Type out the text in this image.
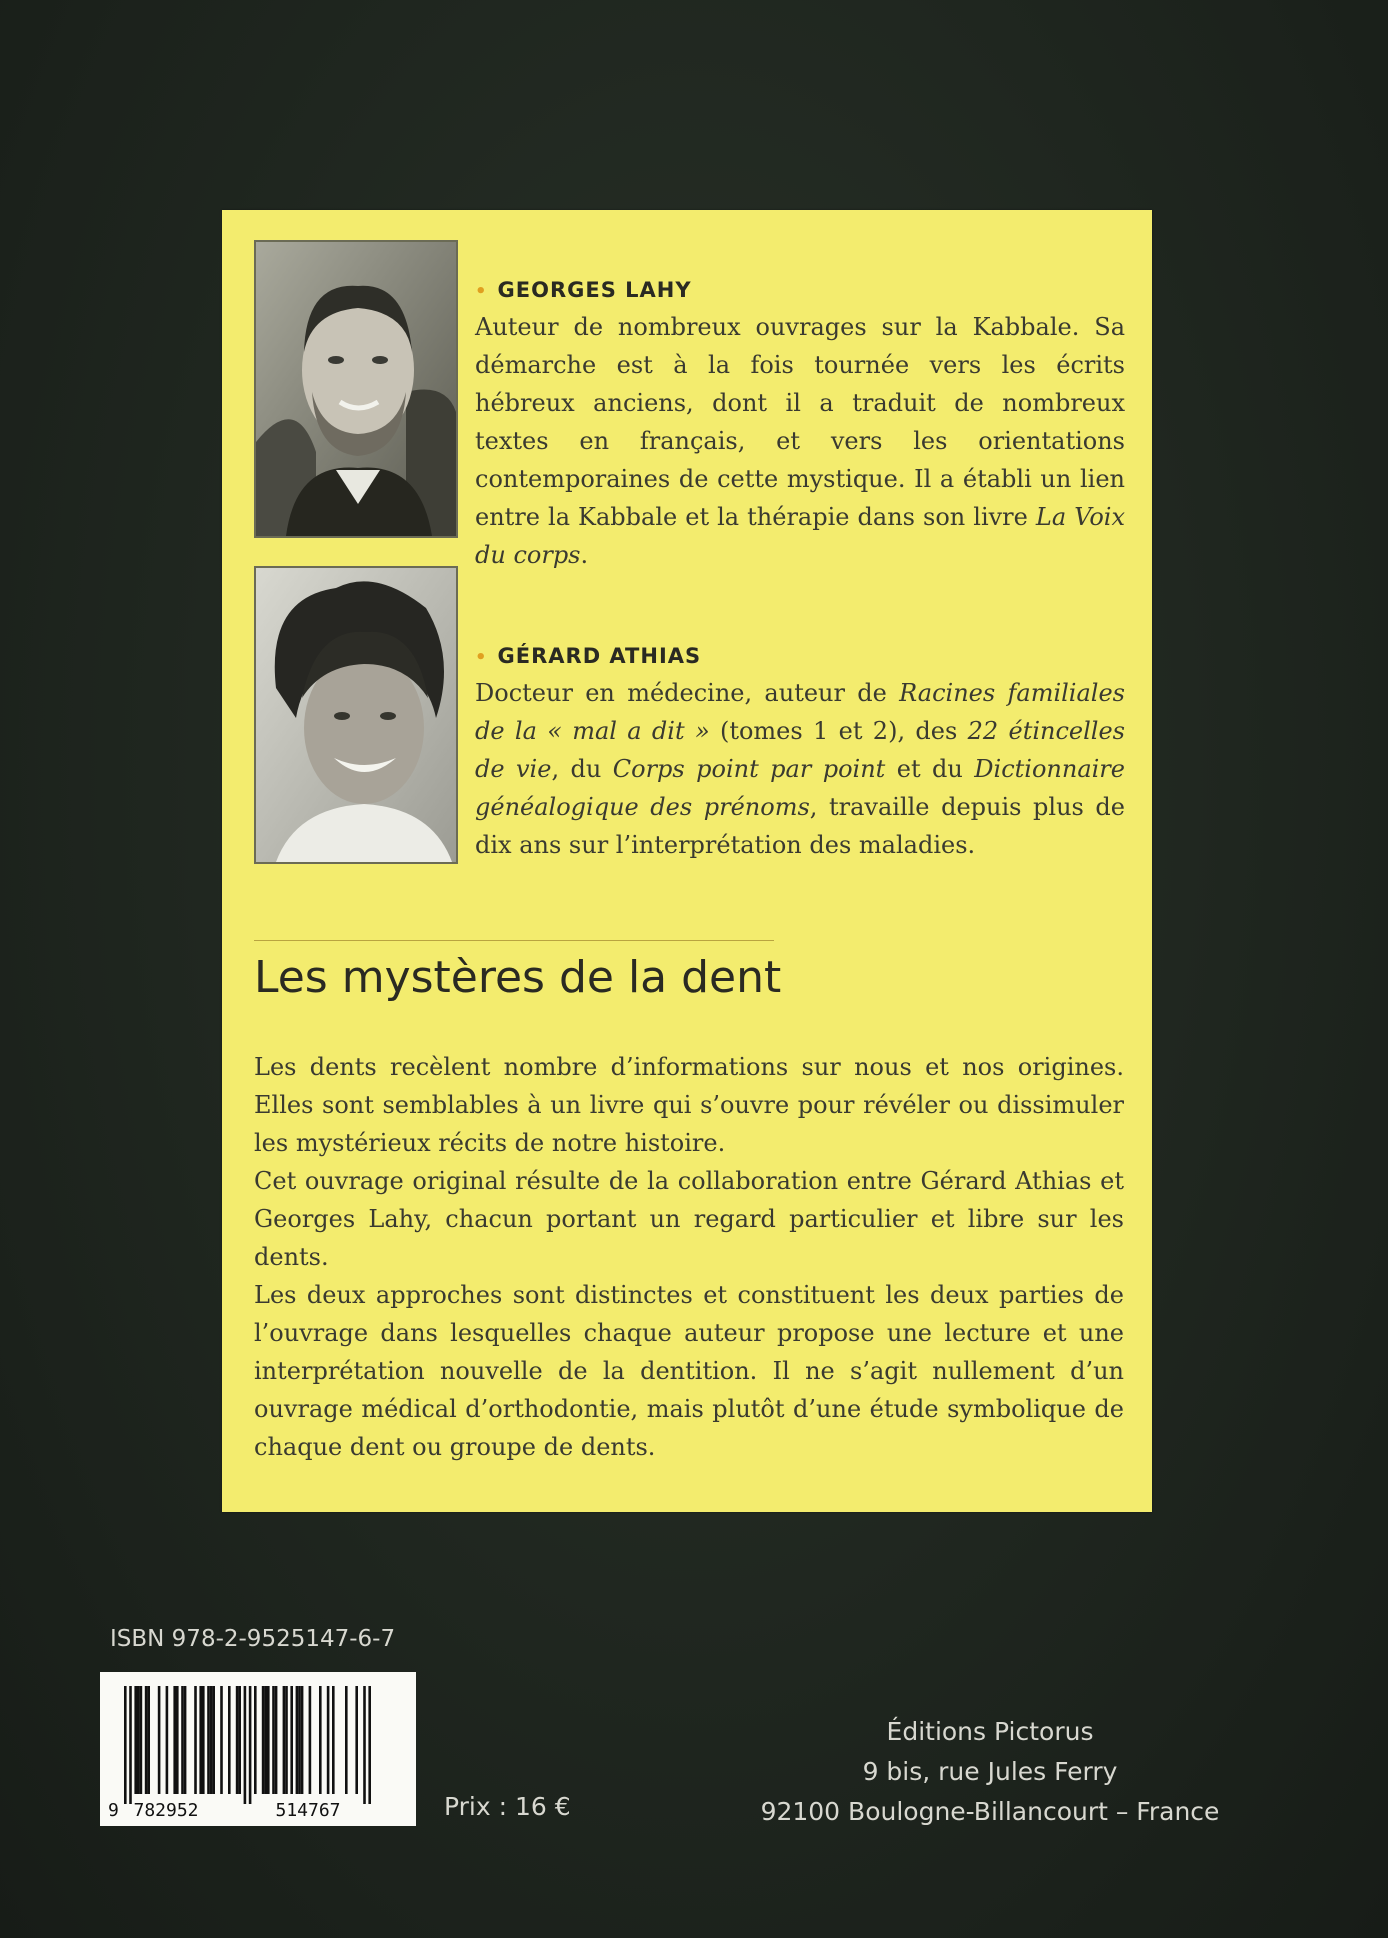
• GEORGES LAHY

Auteur de nombreux ouvrages sur la Kabbale. Sa démarche est à la fois tournée vers les écrits hébreux anciens, dont il a traduit de nombreux textes en français, et vers les orientations contemporaines de cette mystique. Il a établi un lien entre la Kabbale et la thérapie dans son livre La Voix du corps.

• GÉRARD ATHIAS

Docteur en médecine, auteur de Racines familiales de la « mal a dit » (tomes 1 et 2), des 22 étincelles de vie, du Corps point par point et du Dictionnaire généalogique des prénoms, travaille depuis plus de dix ans sur l’interprétation des maladies.

Les mystères de la dent

Les dents recèlent nombre d’informations sur nous et nos origines. Elles sont semblables à un livre qui s’ouvre pour révéler ou dissimuler les mystérieux récits de notre histoire.

Cet ouvrage original résulte de la collaboration entre Gérard Athias et Georges Lahy, chacun portant un regard particulier et libre sur les dents.

Les deux approches sont distinctes et constituent les deux parties de l’ouvrage dans lesquelles chaque auteur propose une lecture et une interprétation nouvelle de la dentition. Il ne s’agit nullement d’un ouvrage médical d’orthodontie, mais plutôt d’une étude symbolique de chaque dent ou groupe de dents.

ISBN 978-2-9525147-6-7
9 782952	514767	Prix : 16 €
Éditions Pictorus
9 bis, rue Jules Ferry
92100 Boulogne-Billancourt – France
